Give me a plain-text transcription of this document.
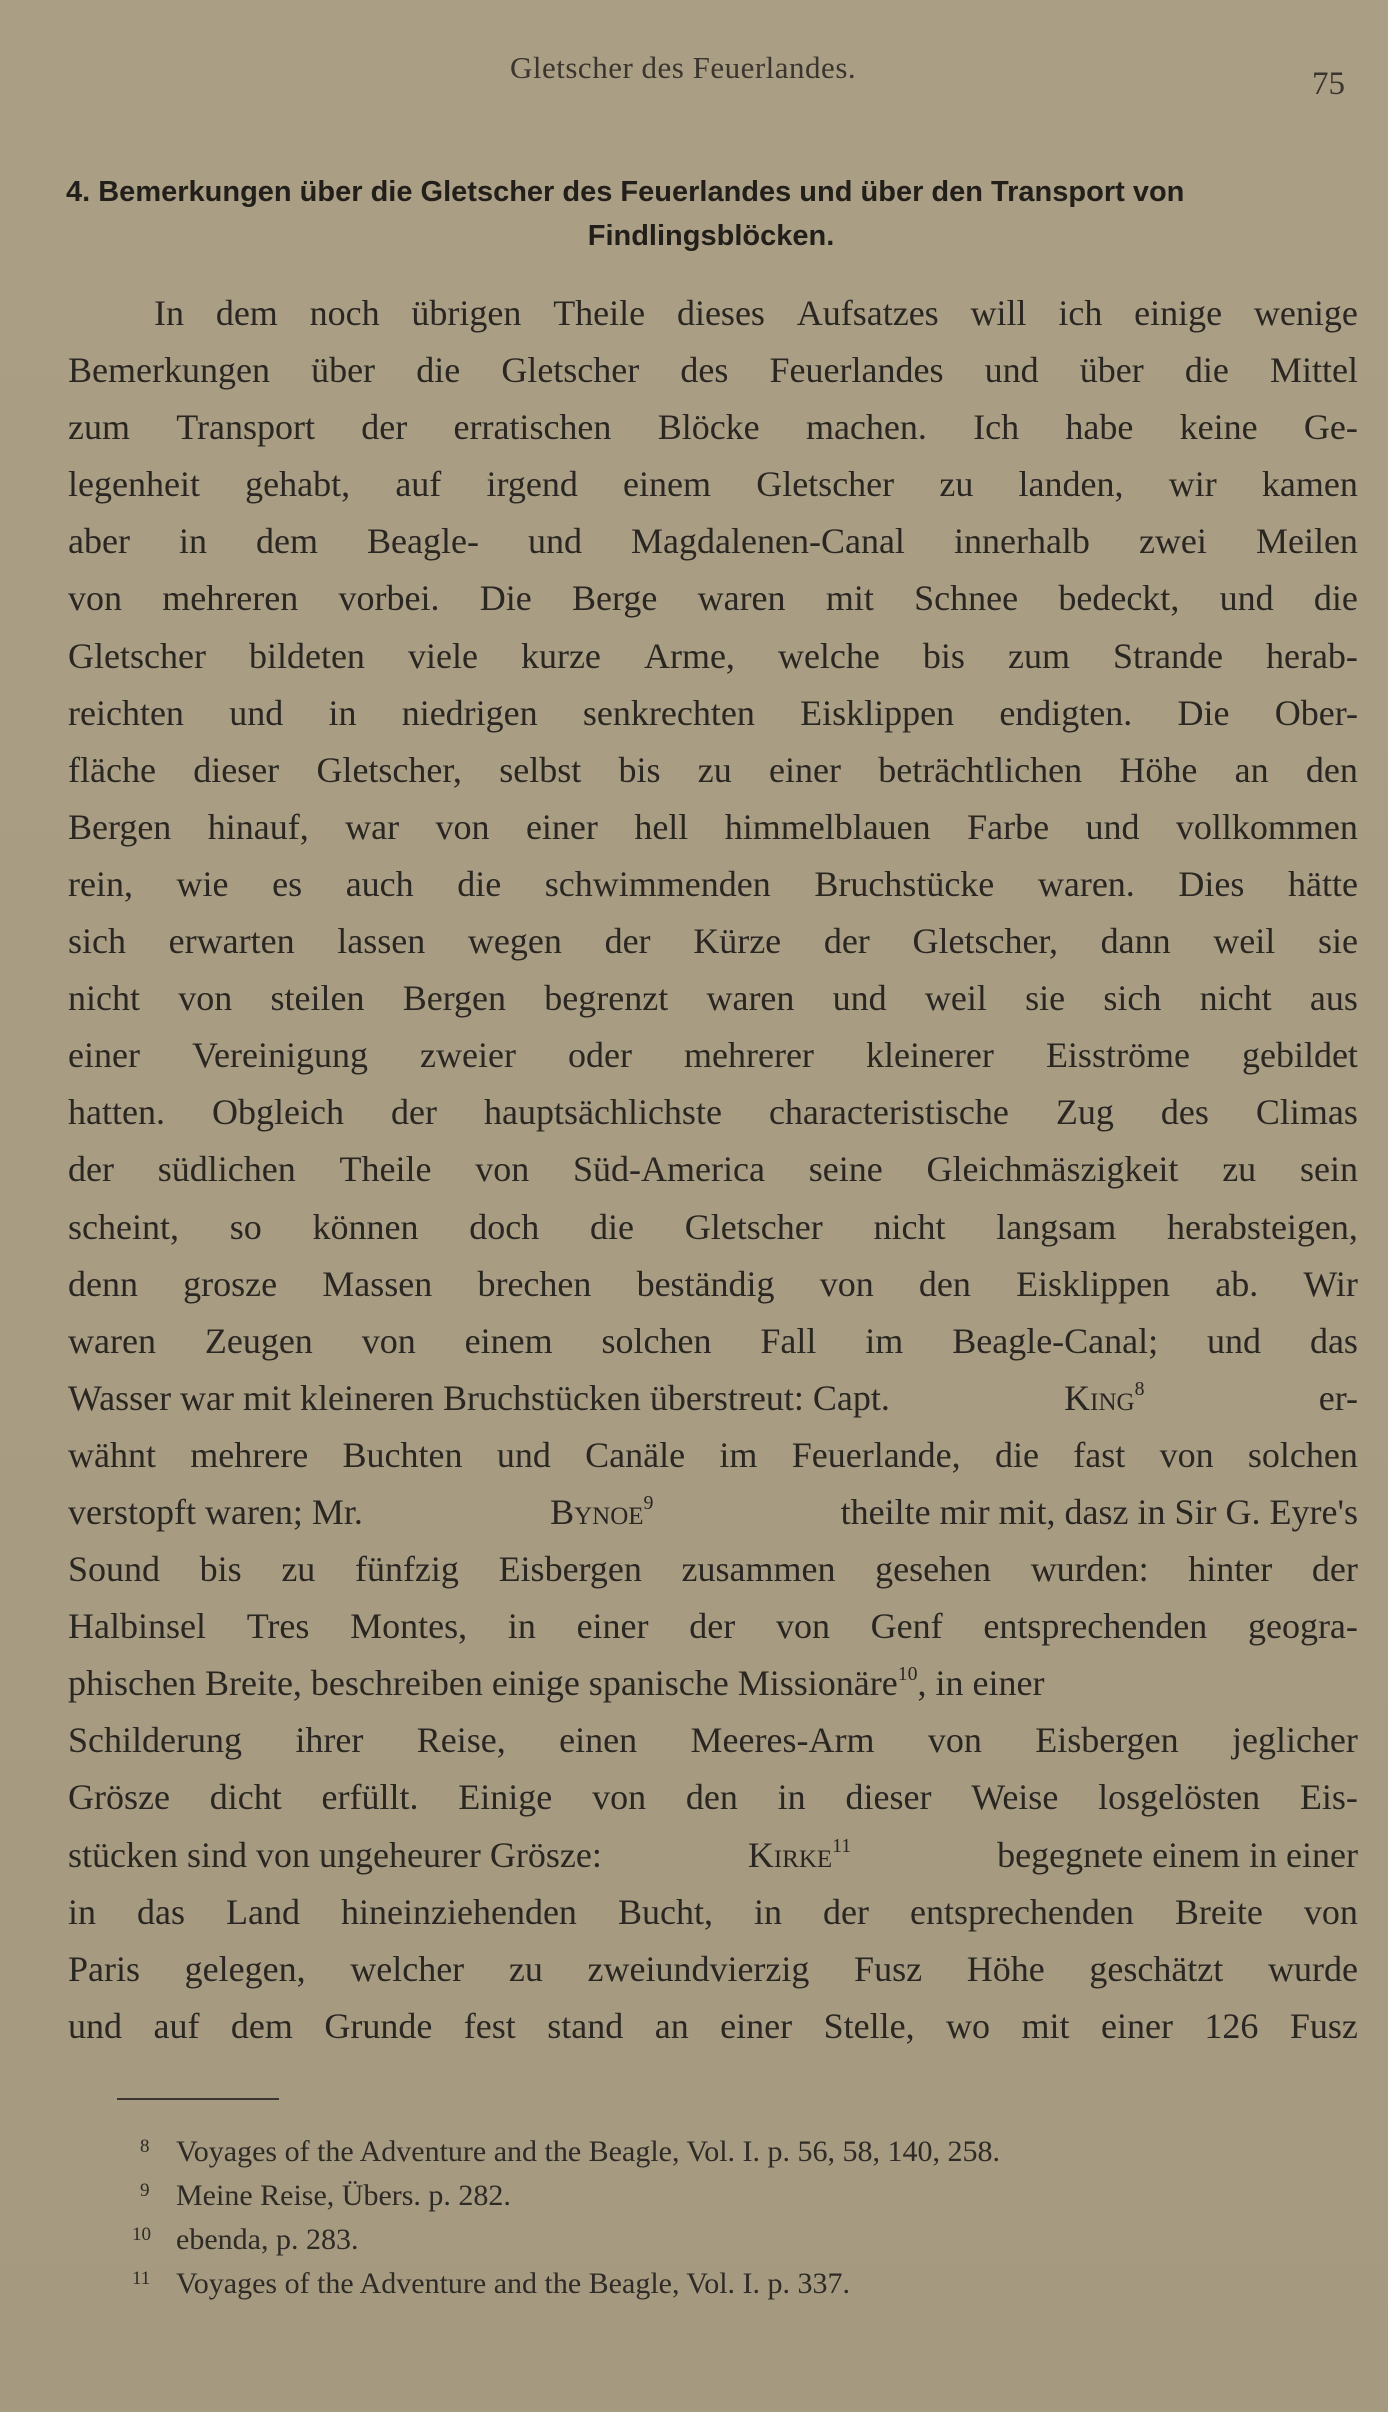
Gletscher des Feuerlandes.	75
4. Bemerkungen über die Gletscher des Feuerlandes und über den Transport von
Findlingsblöcken.
In dem noch übrigen Theile dieses Aufsatzes will ich einige wenige
Bemerkungen über die Gletscher des Feuerlandes und über die Mittel
zum Transport der erratischen Blöcke machen. Ich habe keine Ge-
legenheit gehabt, auf irgend einem Gletscher zu landen, wir kamen
aber in dem Beagle- und Magdalenen-Canal innerhalb zwei Meilen
von mehreren vorbei. Die Berge waren mit Schnee bedeckt, und die
Gletscher bildeten viele kurze Arme, welche bis zum Strande herab-
reichten und in niedrigen senkrechten Eisklippen endigten. Die Ober-
fläche dieser Gletscher, selbst bis zu einer beträchtlichen Höhe an den
Bergen hinauf, war von einer hell himmelblauen Farbe und vollkommen
rein, wie es auch die schwimmenden Bruchstücke waren. Dies hätte
sich erwarten lassen wegen der Kürze der Gletscher, dann weil sie
nicht von steilen Bergen begrenzt waren und weil sie sich nicht aus
einer Vereinigung zweier oder mehrerer kleinerer Eisströme gebildet
hatten. Obgleich der hauptsächlichste characteristische Zug des Climas
der südlichen Theile von Süd-America seine Gleichmäszigkeit zu sein
scheint, so können doch die Gletscher nicht langsam herabsteigen,
denn grosze Massen brechen beständig von den Eisklippen ab. Wir
waren Zeugen von einem solchen Fall im Beagle-Canal; und das
Wasser war mit kleineren Bruchstücken überstreut: Capt.	King$^8$	er-
wähnt mehrere Buchten und Canäle im Feuerlande, die fast von solchen
verstopft waren; Mr.	Bynoe$^9$	theilte mir mit, dasz in Sir G. Eyre's
Sound bis zu fünfzig Eisbergen zusammen gesehen wurden: hinter der
Halbinsel Tres Montes, in einer der von Genf entsprechenden geogra-
phischen Breite, beschreiben einige spanische Missionäre$^{10}$, in einer
Schilderung ihrer Reise, einen Meeres-Arm von Eisbergen jeglicher
Grösze dicht erfüllt. Einige von den in dieser Weise losgelösten Eis-
stücken sind von ungeheurer Grösze:	Kirke$^{11}$	begegnete einem in einer
in das Land hineinziehenden Bucht, in der entsprechenden Breite von
Paris gelegen, welcher zu zweiundvierzig Fusz Höhe geschätzt wurde
und auf dem Grunde fest stand an einer Stelle, wo mit einer 126 Fusz
8 Voyages of the Adventure and the Beagle, Vol. I. p. 56, 58, 140, 258.
9 Meine Reise, Übers. p. 282.
10 ebenda, p. 283.
11 Voyages of the Adventure and the Beagle, Vol. I. p. 337.
